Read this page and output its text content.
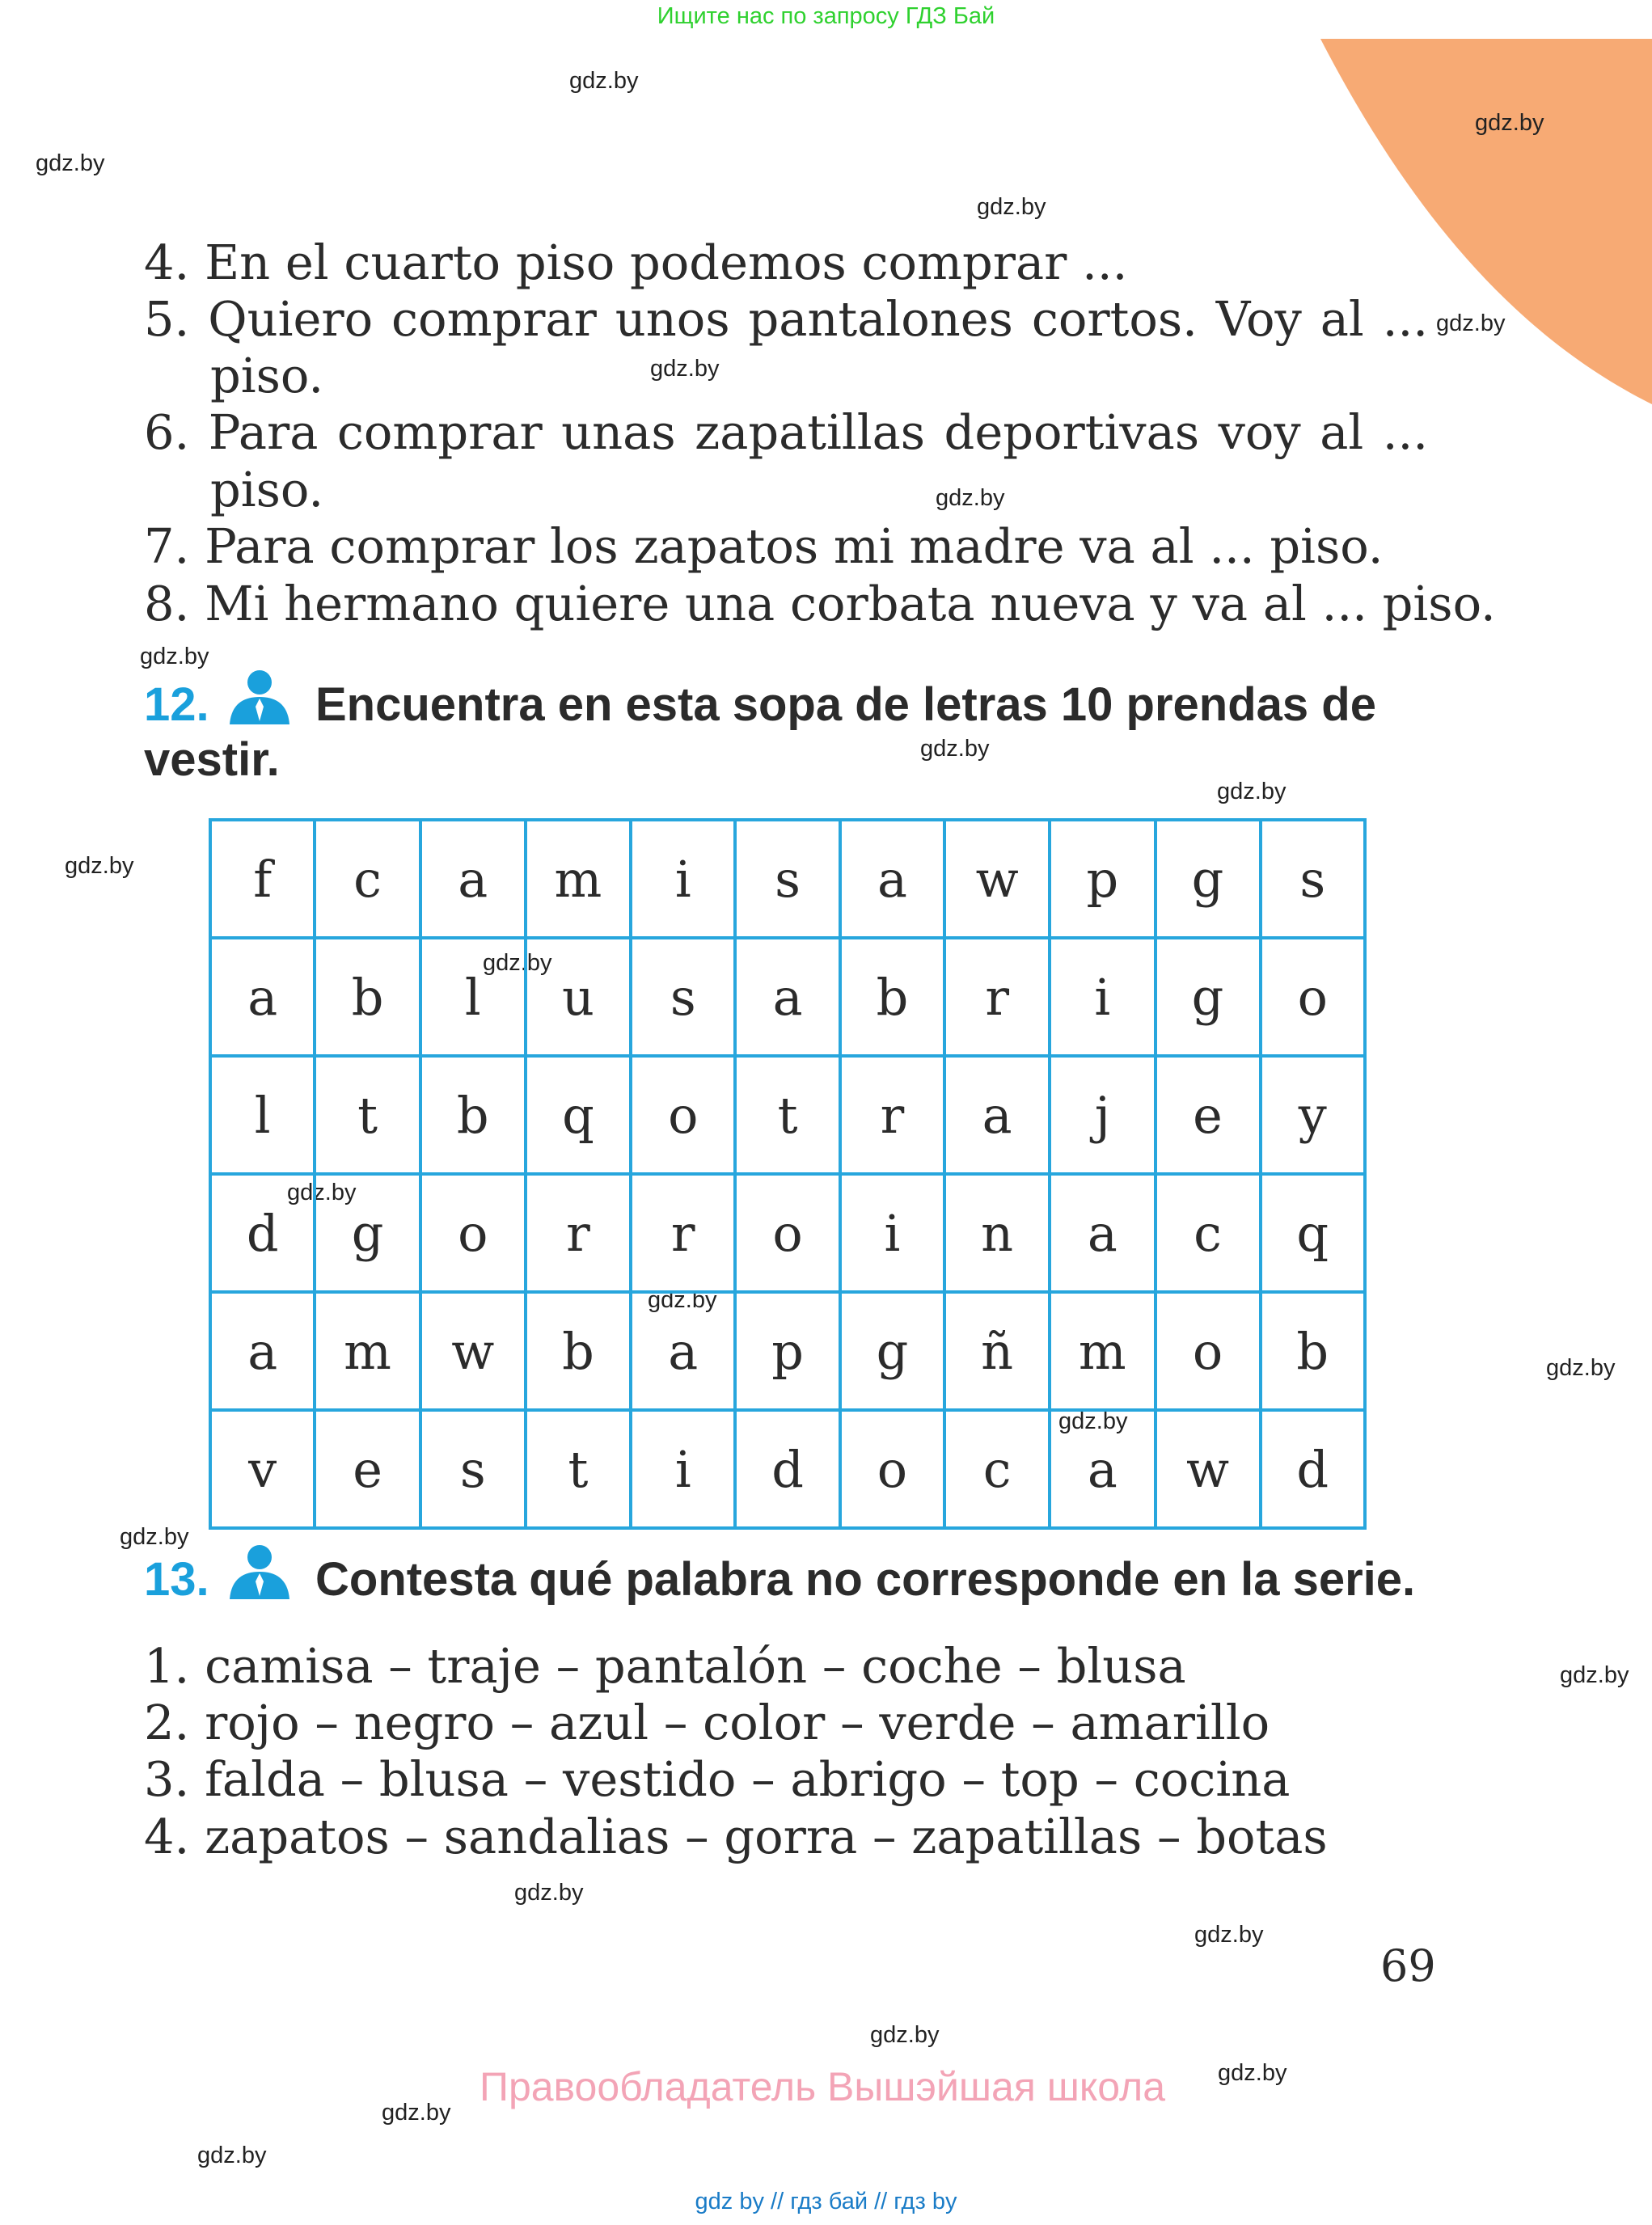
Ищите нас по запросу ГДЗ Бай
gdz.by
gdz.by
gdz.by
gdz.by
gdz.by
gdz.by
gdz.by
gdz.by
gdz.by
gdz.by
gdz.by
gdz.by
gdz.by
gdz.by
gdz.by
gdz.by
gdz.by
gdz.by
gdz.by
gdz.by
gdz.by
gdz.by
gdz.by
gdz.by
4. En el cuarto piso podemos comprar ...
5. Quiero comprar unos pantalones cortos. Voy al ...
piso.
6. Para comprar unas zapatillas deportivas voy al ...
piso.
7. Para comprar los zapatos mi madre va al ... piso.
8. Mi hermano quiere una corbata nueva y va al ... piso.
12. Encuentra en esta sopa de letras 10 prendas de
vestir.
f	c	a	m	i	s	a	w	p	g	s
a	b	l	u	s	a	b	r	i	g	o
l	t	b	q	o	t	r	a	j	e	y
d	g	o	r	r	o	i	n	a	c	q
a	m	w	b	a	p	g	ñ	m	o	b
v	e	s	t	i	d	o	c	a	w	d
13. Contesta qué palabra no corresponde en la serie.
1. camisa – traje – pantalón – coche – blusa
2. rojo – negro – azul – color – verde – amarillo
3. falda – blusa – vestido – abrigo – top – cocina
4. zapatos – sandalias – gorra – zapatillas – botas
69
Правообладатель Вышэйшая школа
gdz by // гдз бай // гдз by
